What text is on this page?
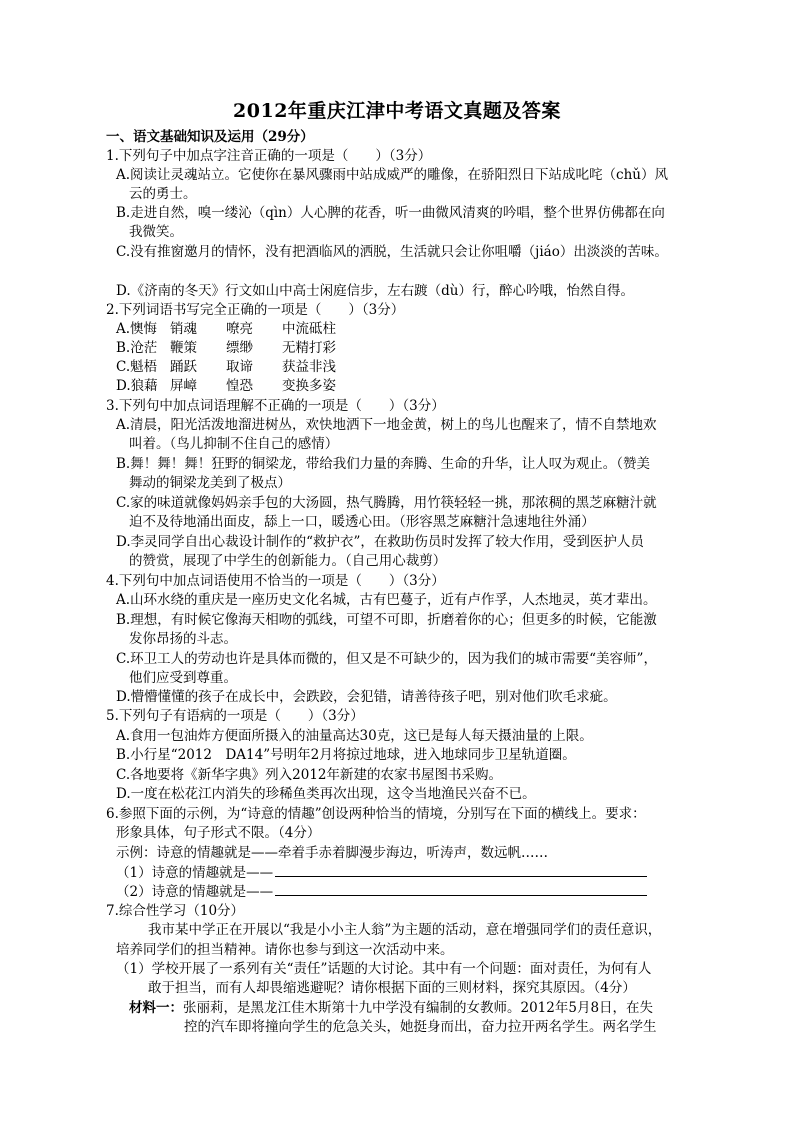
2012年重庆江津中考语文真题及答案
一、语文基础知识及运用（29分）
1.下列句子中加点字注音正确的一项是（　　）（3分）
A.阅读让灵魂站立。它使你在暴风骤雨中站成威严的雕像，在骄阳烈日下站成叱咤（chǔ）风
云的勇士。
B.走进自然，嗅一缕沁（qìn）人心脾的花香，听一曲微风清爽的吟唱，整个世界仿佛都在向
我微笑。
C.没有推窗邀月的情怀，没有把酒临风的洒脱，生活就只会让你咀嚼（jiáo）出淡淡的苦味。
D.《济南的冬天》行文如山中高士闲庭信步，左右踱（dù）行，醉心吟哦，怡然自得。
2.下列词语书写完全正确的一项是（　　）（3分）
A.懊悔 销魂 嘹亮 中流砥柱
B.沧茫 鞭策 缥缈 无精打彩
C.魁梧 踊跃 取谛 获益非浅
D.狼藉 屏嶂 惶恐 变换多姿
3.下列句中加点词语理解不正确的一项是（　　）（3分）
A.清晨，阳光活泼地溜进树丛，欢快地洒下一地金黄，树上的鸟儿也醒来了，情不自禁地欢
叫着。（鸟儿抑制不住自己的感情）
B.舞！舞！舞！狂野的铜梁龙，带给我们力量的奔腾、生命的升华，让人叹为观止。（赞美
舞动的铜梁龙美到了极点）
C.家的味道就像妈妈亲手包的大汤圆，热气腾腾，用竹筷轻轻一挑，那浓稠的黑芝麻糖汁就
迫不及待地涌出面皮，舔上一口，暖透心田。（形容黑芝麻糖汁急速地往外涌）
D.李灵同学自出心裁设计制作的“救护衣”，在救助伤员时发挥了较大作用，受到医护人员
的赞赏，展现了中学生的创新能力。（自己用心裁剪）
4.下列句中加点词语使用不恰当的一项是（　　）（3分）
A.山环水绕的重庆是一座历史文化名城，古有巴蔓子，近有卢作孚，人杰地灵，英才辈出。
B.理想，有时候它像海天相吻的弧线，可望不可即，折磨着你的心；但更多的时候，它能激
发你昂扬的斗志。
C.环卫工人的劳动也许是具体而微的，但又是不可缺少的，因为我们的城市需要“美容师”，
他们应受到尊重。
D.懵懵懂懂的孩子在成长中，会跌跤，会犯错，请善待孩子吧，别对他们吹毛求疵。
5.下列句子有语病的一项是（　　）（3分）
A.食用一包油炸方便面所摄入的油量高达30克，这已是每人每天摄油量的上限。
B.小行星“2012　DA14”号明年2月将掠过地球，进入地球同步卫星轨道圈。
C.各地要将《新华字典》列入2012年新建的农家书屋图书采购。
D.一度在松花江内消失的珍稀鱼类再次出现，这令当地渔民兴奋不已。
6.参照下面的示例，为“诗意的情趣”创设两种恰当的情境，分别写在下面的横线上。要求：
形象具体，句子形式不限。（4分）
示例：诗意的情趣就是——牵着手赤着脚漫步海边，听涛声，数远帆……
（1）诗意的情趣就是——
（2）诗意的情趣就是——
7.综合性学习（10分）
我市某中学正在开展以“我是小小主人翁”为主题的活动，意在增强同学们的责任意识，
培养同学们的担当精神。请你也参与到这一次活动中来。
（1）学校开展了一系列有关“责任”话题的大讨论。其中有一个问题：面对责任，为何有人
敢于担当，而有人却畏缩逃避呢？请你根据下面的三则材料，探究其原因。（4分）
材料一：张丽莉，是黑龙江佳木斯第十九中学没有编制的女教师。2012年5月8日，在失
控的汽车即将撞向学生的危急关头，她挺身而出，奋力拉开两名学生。两名学生
